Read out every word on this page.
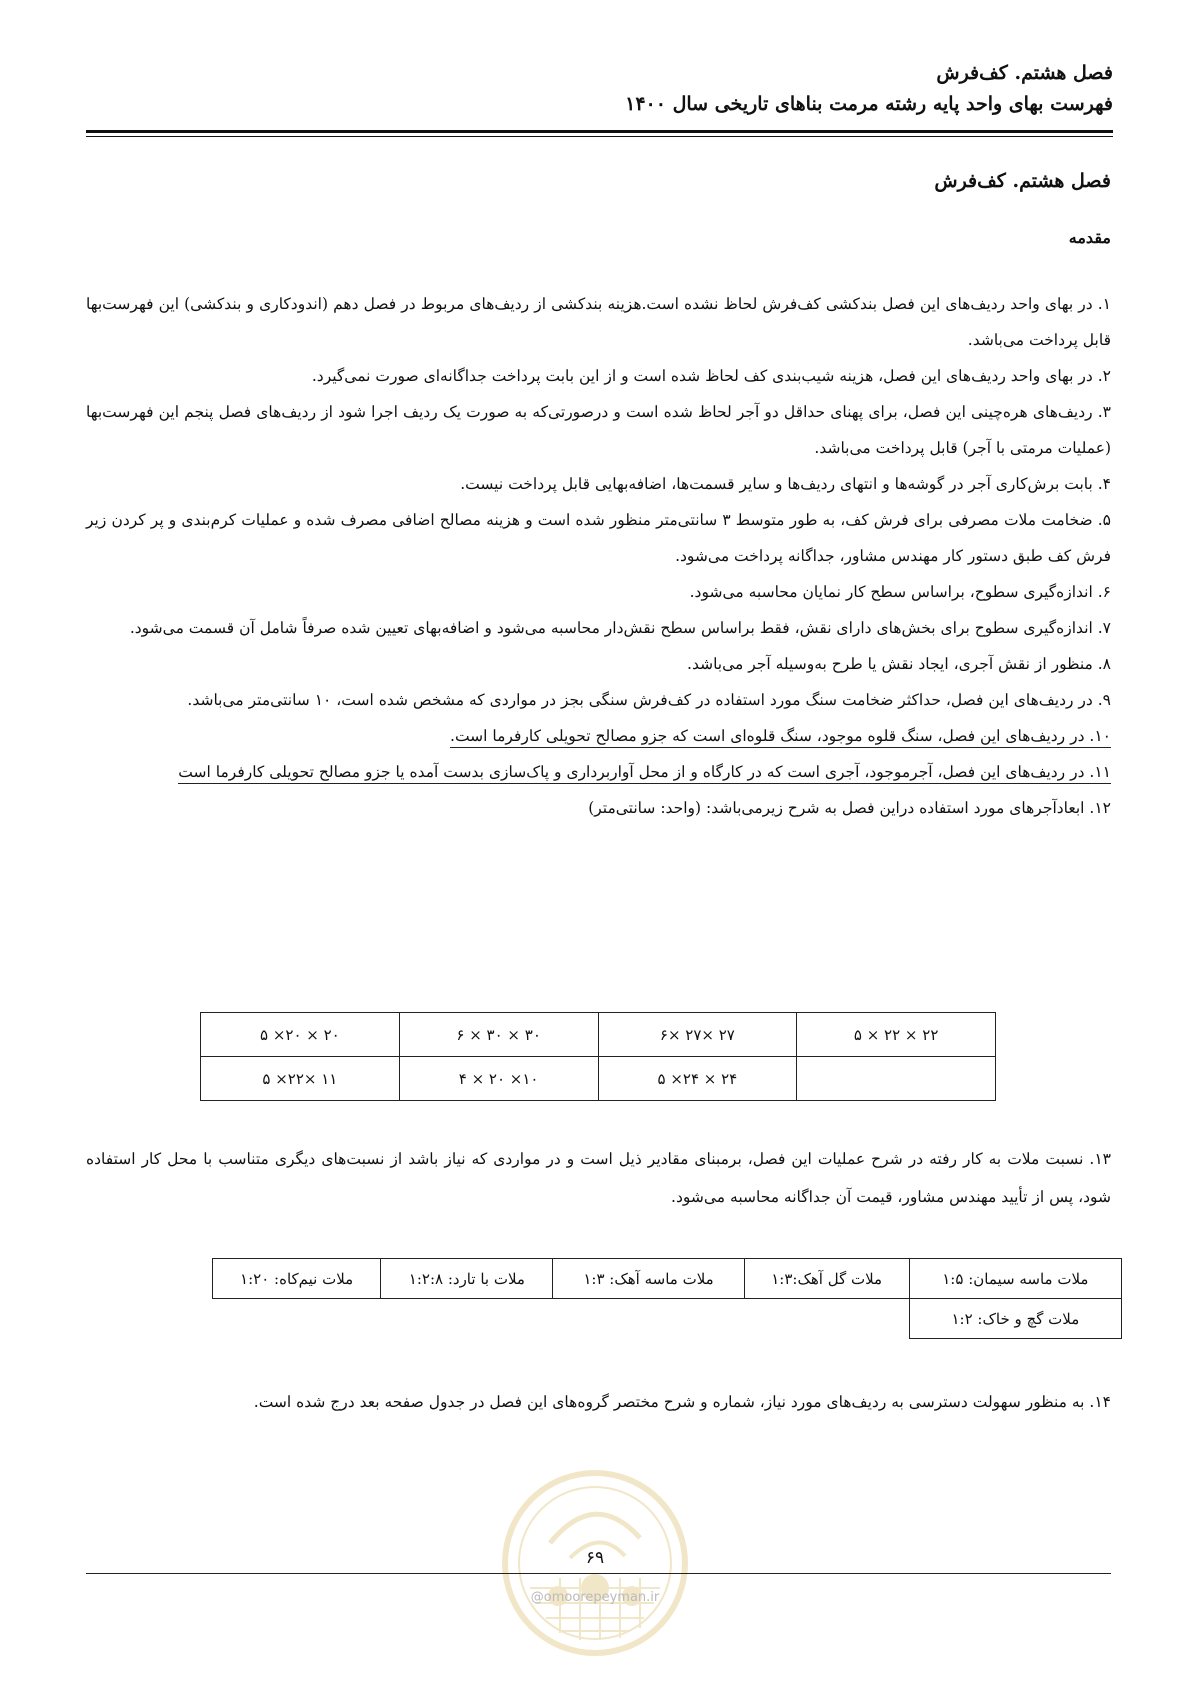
فصل هشتم. کف‌فرش
فهرست بهای واحد پایه رشته مرمت بناهای تاریخی سال ۱۴۰۰
فصل هشتم. کف‌فرش
مقدمه

۱. در بهای واحد ردیف‌های این فصل بندکشی کف‌فرش لحاظ نشده است.هزینه بندکشی از ردیف‌های مربوط در فصل دهم (اندودکاری و بندکشی) این فهرست‌بها قابل پرداخت می‌باشد.

۲. در بهای واحد ردیف‌های این فصل، هزینه شیب‌بندی کف لحاظ شده است و از این بابت پرداخت جداگانه‌ای صورت نمی‌گیرد.

۳. ردیف‌های هره‌چینی این فصل، برای پهنای حداقل دو آجر لحاظ شده است و درصورتی‌که به صورت یک ردیف اجرا شود از ردیف‌های فصل پنجم این فهرست‌بها (عملیات مرمتی با آجر) قابل پرداخت می‌باشد.

۴. بابت برش‌کاری آجر در گوشه‌ها و انتهای ردیف‌ها و سایر قسمت‌ها، اضافه‌بهایی قابل پرداخت نیست.

۵. ضخامت ملات مصرفی برای فرش کف، به طور متوسط ۳ سانتی‌متر منظور شده است و هزینه مصالح اضافی مصرف شده و عملیات کرم‌بندی و پر کردن زیر فرش کف طبق دستور کار مهندس مشاور، جداگانه پرداخت می‌شود.

۶. اندازه‌گیری سطوح، براساس سطح کار نمایان محاسبه می‌شود.

۷. اندازه‌گیری سطوح برای بخش‌های دارای نقش، فقط براساس سطح نقش‌دار محاسبه می‌شود و اضافه‌بهای تعیین شده صرفاً شامل آن قسمت می‌شود.

۸. منظور از نقش آجری، ایجاد نقش یا طرح به‌وسیله آجر می‌باشد.

۹. در ردیف‌های این فصل، حداکثر ضخامت سنگ مورد استفاده در کف‌فرش سنگی بجز در مواردی که مشخص شده است، ۱۰ سانتی‌متر می‌باشد.

۱۰. در ردیف‌های این فصل، سنگ قلوه موجود، سنگ قلوه‌ای است که جزو مصالح تحویلی کارفرما است.

۱۱. در ردیف‌های این فصل، آجرموجود، آجری است که در کارگاه و از محل آواربرداری و پاک‌سازی بدست آمده یا جزو مصالح تحویلی کارفرما است

۱۲. ابعادآجرهای مورد استفاده دراین فصل به شرح زیرمی‌باشد: (واحد: سانتی‌متر)

۲۲ × ۲۲ × ۵	۲۷ ×۲۷ ×۶	۳۰ × ۳۰ × ۶	۲۰ × ۲۰× ۵
	۲۴ × ۲۴× ۵	۱۰× ۲۰ × ۴	۱۱ ×۲۲× ۵

۱۳. نسبت ملات به کار رفته در شرح عملیات این فصل، برمبنای مقادیر ذیل است و در مواردی که نیاز باشد از نسبت‌های دیگری متناسب با محل کار استفاده شود، پس از تأیید مهندس مشاور، قیمت آن جداگانه محاسبه می‌شود.

ملات ماسه سیمان: ۱:۵	ملات گل آهک:۱:۳	ملات ماسه آهک: ۱:۳	ملات با تارد: ۱:۲:۸	ملات نیم‌کاه: ۱:۲۰
ملات گچ و خاک: ۱:۲				
۱۴. به منظور سهولت دسترسی به ردیف‌های مورد نیاز، شماره و شرح مختصر گروه‌های این فصل در جدول صفحه بعد درج شده است.
۶۹
@omoorepeyman.ir
